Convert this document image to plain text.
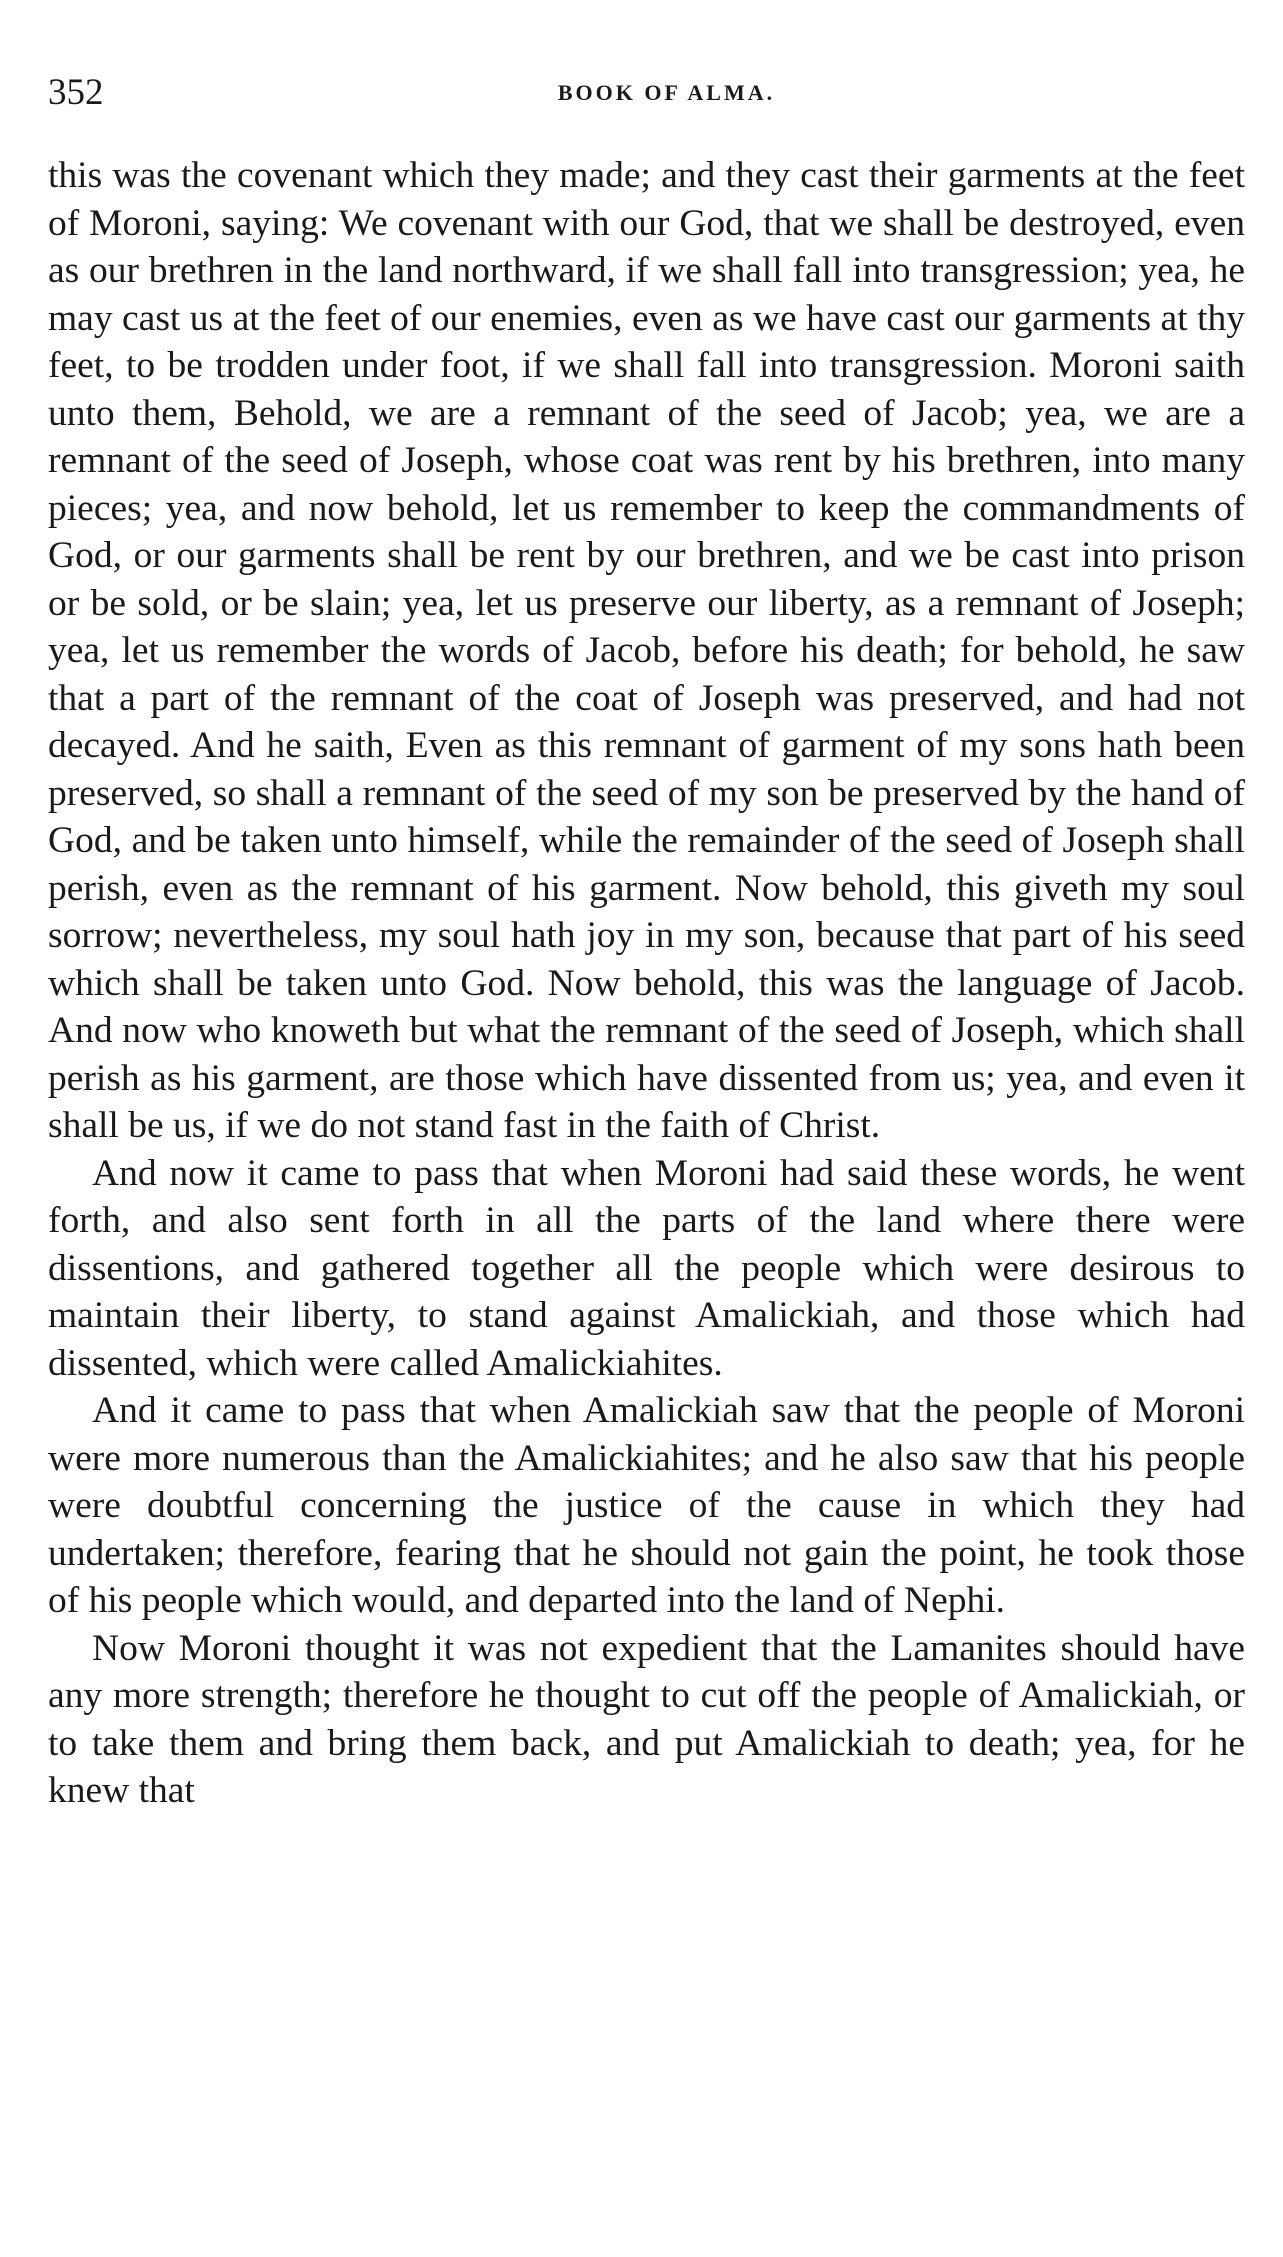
352	BOOK OF ALMA.

this was the covenant which they made; and they cast their garments at the feet of Moroni, saying: We covenant with our God, that we shall be destroyed, even as our brethren in the land northward, if we shall fall into transgression; yea, he may cast us at the feet of our enemies, even as we have cast our garments at thy feet, to be trodden under foot, if we shall fall into transgression. Moroni saith unto them, Behold, we are a remnant of the seed of Jacob; yea, we are a remnant of the seed of Joseph, whose coat was rent by his brethren, into many pieces; yea, and now behold, let us remember to keep the commandments of God, or our garments shall be rent by our brethren, and we be cast into prison or be sold, or be slain; yea, let us preserve our liberty, as a remnant of Joseph; yea, let us remember the words of Jacob, before his death; for behold, he saw that a part of the remnant of the coat of Joseph was preserved, and had not decayed. And he saith, Even as this remnant of garment of my sons hath been preserved, so shall a remnant of the seed of my son be preserved by the hand of God, and be taken unto himself, while the remainder of the seed of Joseph shall perish, even as the remnant of his garment. Now behold, this giveth my soul sorrow; nevertheless, my soul hath joy in my son, because that part of his seed which shall be taken unto God. Now behold, this was the language of Jacob. And now who knoweth but what the remnant of the seed of Joseph, which shall perish as his garment, are those which have dissented from us; yea, and even it shall be us, if we do not stand fast in the faith of Christ.

And now it came to pass that when Moroni had said these words, he went forth, and also sent forth in all the parts of the land where there were dissentions, and gathered together all the people which were desirous to maintain their liberty, to stand against Amalickiah, and those which had dissented, which were called Amalickiahites.

And it came to pass that when Amalickiah saw that the people of Moroni were more numerous than the Amalickiahites; and he also saw that his people were doubtful concerning the justice of the cause in which they had undertaken; therefore, fearing that he should not gain the point, he took those of his people which would, and departed into the land of Nephi.

Now Moroni thought it was not expedient that the Lamanites should have any more strength; therefore he thought to cut off the people of Amalickiah, or to take them and bring them back, and put Amalickiah to death; yea, for he knew that
